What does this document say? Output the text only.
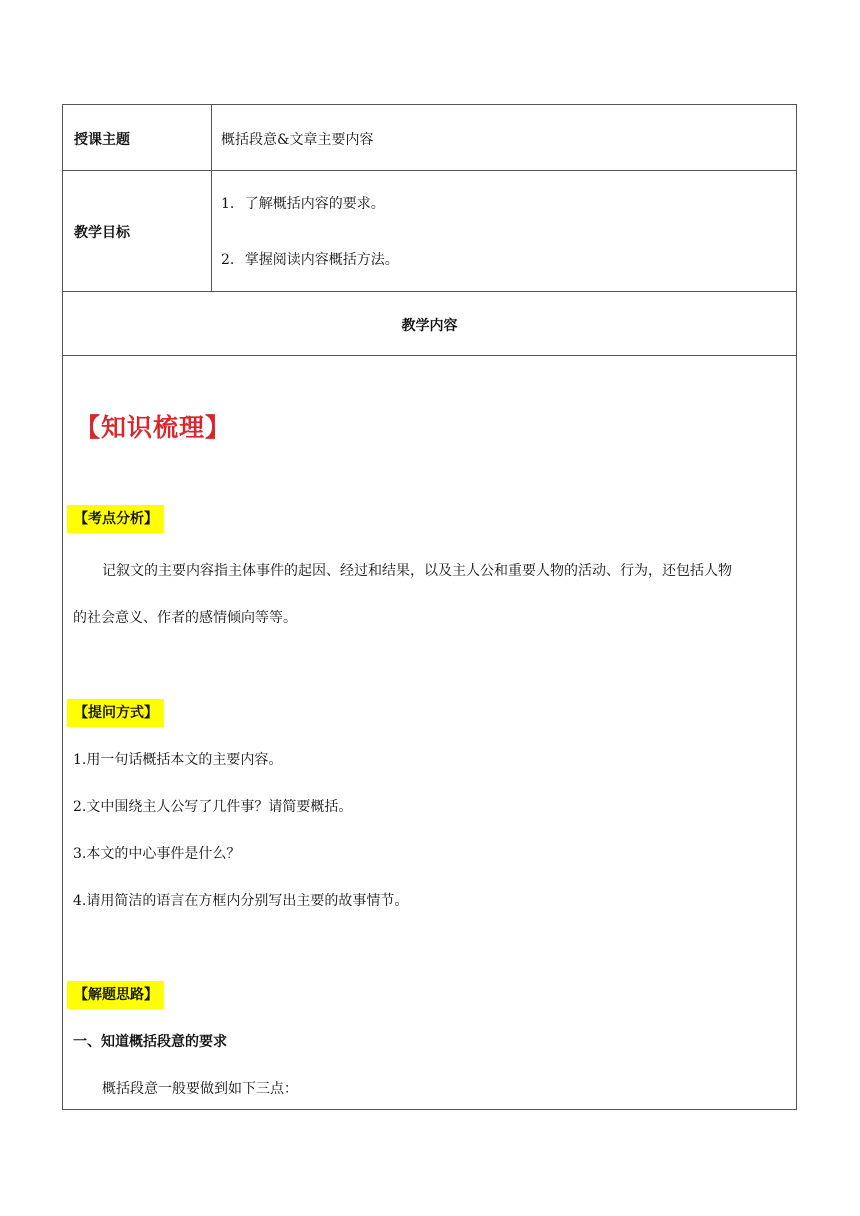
授课主题	概括段意&文章主要内容
教学目标
1. 了解概括内容的要求。
2. 掌握阅读内容概括方法。
教学内容
【知识梳理】
【考点分析】
记叙文的主要内容指主体事件的起因、经过和结果，以及主人公和重要人物的活动、行为，还包括人物
的社会意义、作者的感情倾向等等。
【提问方式】
1.用一句话概括本文的主要内容。
2.文中围绕主人公写了几件事？请简要概括。
3.本文的中心事件是什么？
4.请用简洁的语言在方框内分别写出主要的故事情节。
【解题思路】
一、知道概括段意的要求
概括段意一般要做到如下三点：
